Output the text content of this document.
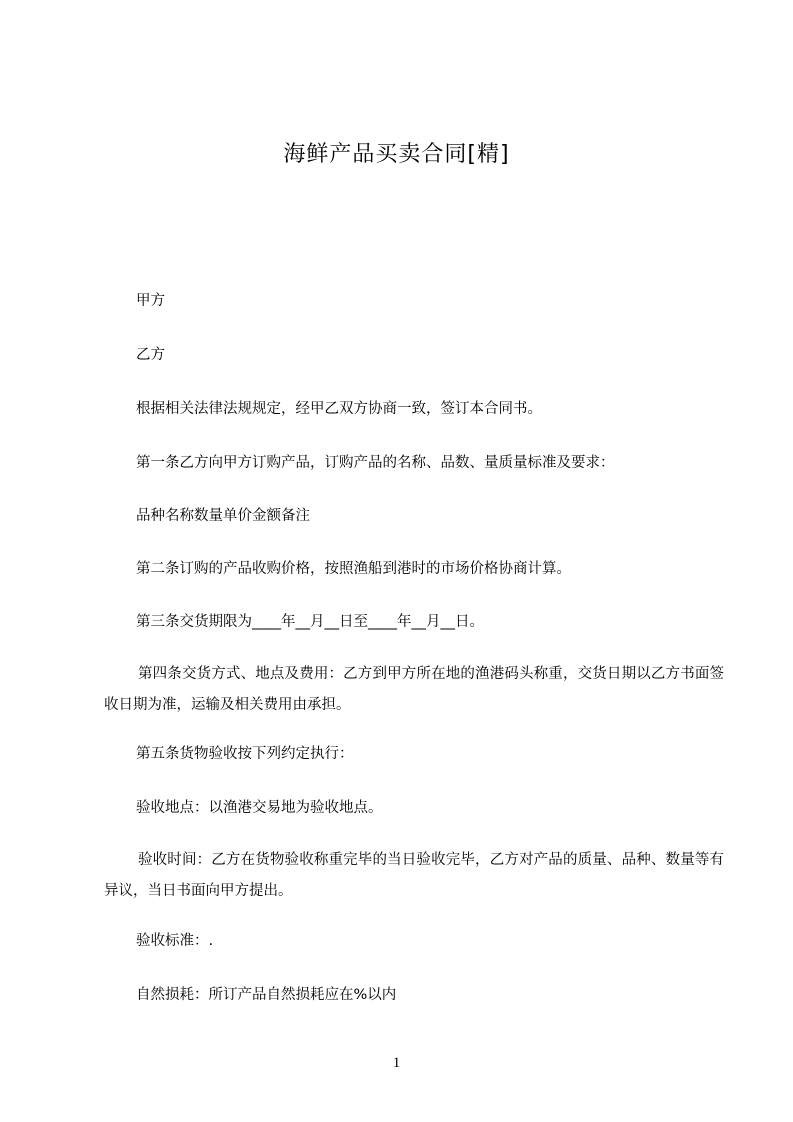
海鲜产品买卖合同[精]
甲方
乙方
根据相关法律法规规定，经甲乙双方协商一致，签订本合同书。
第一条乙方向甲方订购产品，订购产品的名称、品数、量质量标准及要求：
品种名称数量单价金额备注
第二条订购的产品收购价格，按照渔船到港时的市场价格协商计算。
第三条交货期限为____年__月__日至____年__月__日。
第四条交货方式、地点及费用：乙方到甲方所在地的渔港码头称重，交货日期以乙方书面签收日期为准，运输及相关费用由承担。
第五条货物验收按下列约定执行：
验收地点：以渔港交易地为验收地点。
验收时间：乙方在货物验收称重完毕的当日验收完毕，乙方对产品的质量、品种、数量等有异议，当日书面向甲方提出。
验收标准：.
自然损耗：所订产品自然损耗应在%以内
1
